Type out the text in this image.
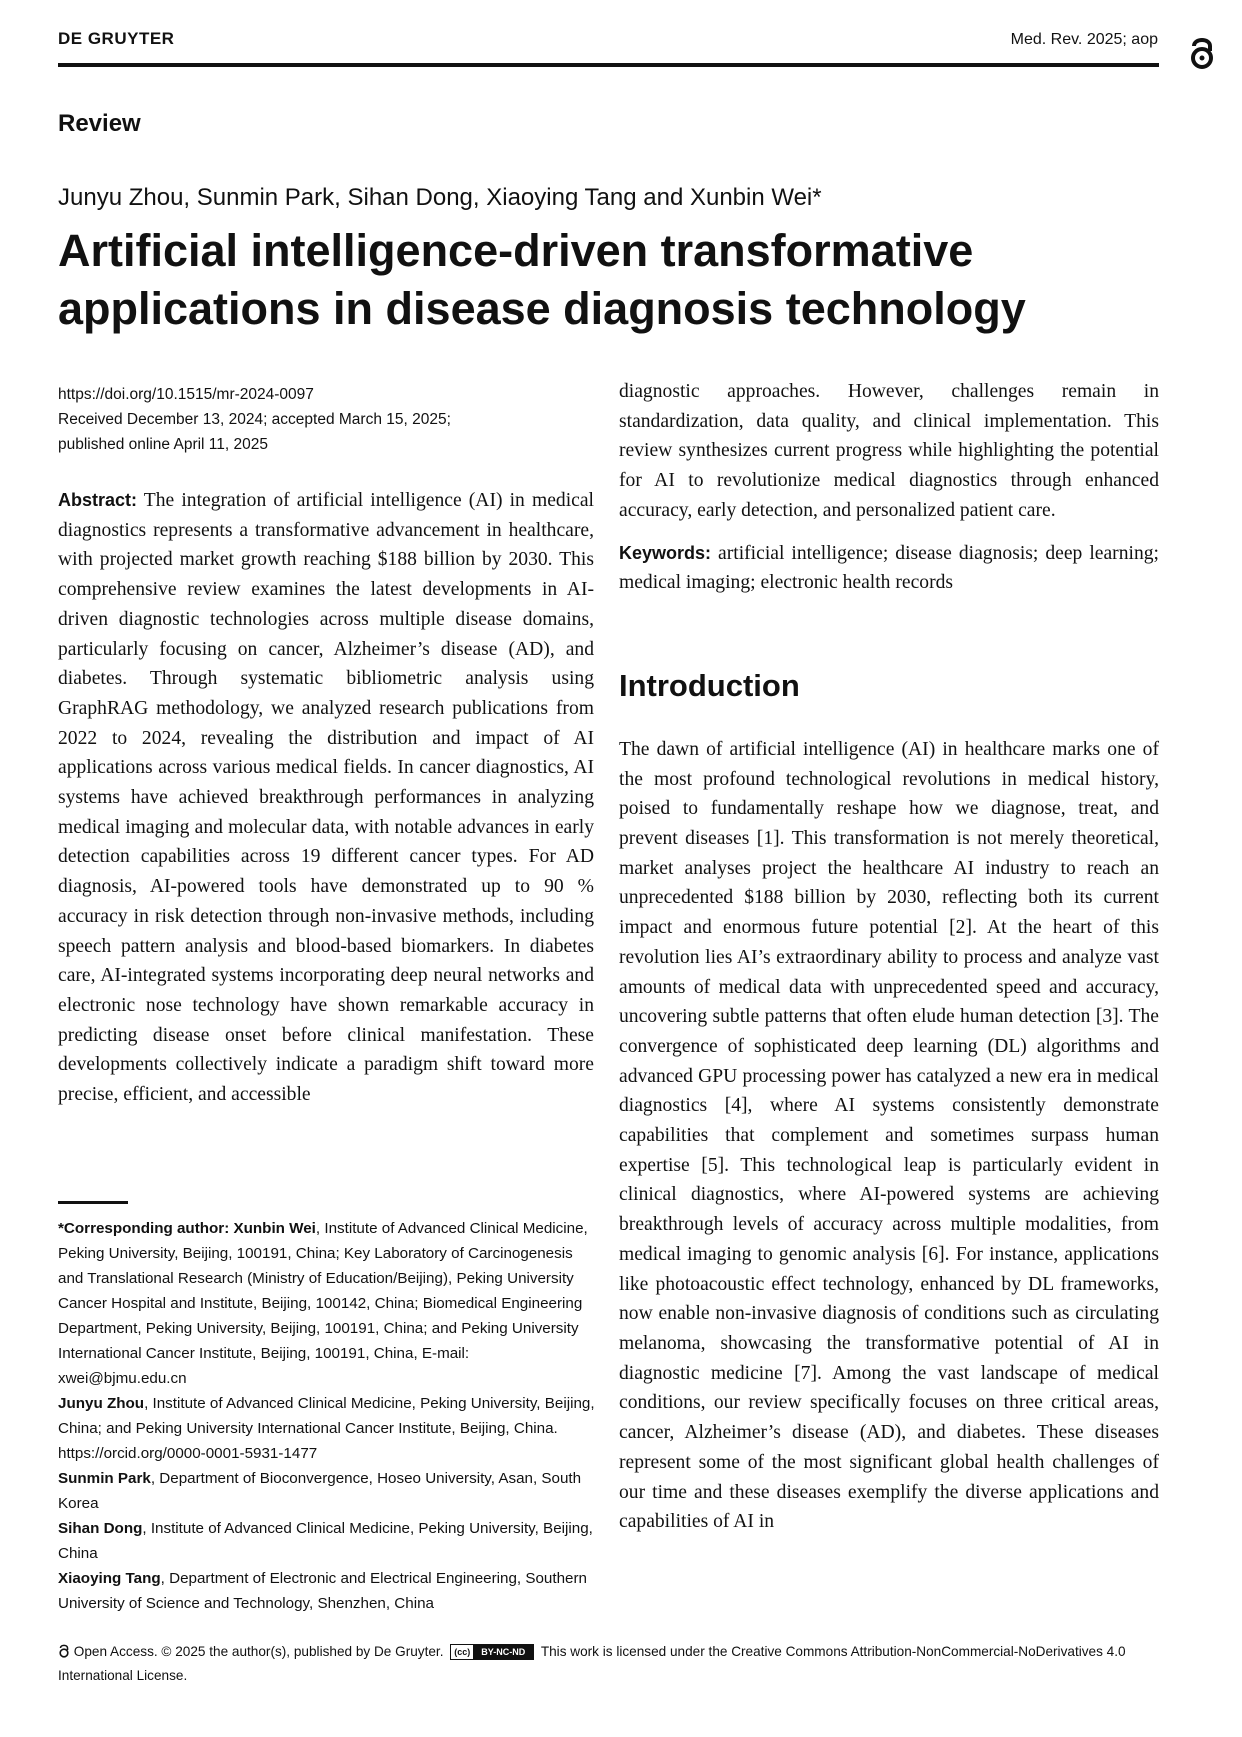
DE GRUYTER	Med. Rev. 2025; aop
Review
Junyu Zhou, Sunmin Park, Sihan Dong, Xiaoying Tang and Xunbin Wei*
Artificial intelligence-driven transformative applications in disease diagnosis technology
https://doi.org/10.1515/mr-2024-0097
Received December 13, 2024; accepted March 15, 2025;
published online April 11, 2025
Abstract: The integration of artificial intelligence (AI) in medical diagnostics represents a transformative advancement in healthcare, with projected market growth reaching $188 billion by 2030. This comprehensive review examines the latest developments in AI-driven diagnostic technologies across multiple disease domains, particularly focusing on cancer, Alzheimer’s disease (AD), and diabetes. Through systematic bibliometric analysis using GraphRAG methodology, we analyzed research publications from 2022 to 2024, revealing the distribution and impact of AI applications across various medical fields. In cancer diagnostics, AI systems have achieved breakthrough performances in analyzing medical imaging and molecular data, with notable advances in early detection capabilities across 19 different cancer types. For AD diagnosis, AI-powered tools have demonstrated up to 90 % accuracy in risk detection through non-invasive methods, including speech pattern analysis and blood-based biomarkers. In diabetes care, AI-integrated systems incorporating deep neural networks and electronic nose technology have shown remarkable accuracy in predicting disease onset before clinical manifestation. These developments collectively indicate a paradigm shift toward more precise, efficient, and accessible

*Corresponding author: Xunbin Wei, Institute of Advanced Clinical Medicine, Peking University, Beijing, 100191, China; Key Laboratory of Carcinogenesis and Translational Research (Ministry of Education/Beijing), Peking University Cancer Hospital and Institute, Beijing, 100142, China; Biomedical Engineering Department, Peking University, Beijing, 100191, China; and Peking University International Cancer Institute, Beijing, 100191, China, E-mail: xwei@bjmu.edu.cn

Junyu Zhou, Institute of Advanced Clinical Medicine, Peking University, Beijing, China; and Peking University International Cancer Institute, Beijing, China. https://orcid.org/0000-0001-5931-1477

Sunmin Park, Department of Bioconvergence, Hoseo University, Asan, South Korea

Sihan Dong, Institute of Advanced Clinical Medicine, Peking University, Beijing, China

Xiaoying Tang, Department of Electronic and Electrical Engineering, Southern University of Science and Technology, Shenzhen, China

diagnostic approaches. However, challenges remain in standardization, data quality, and clinical implementation. This review synthesizes current progress while highlighting the potential for AI to revolutionize medical diagnostics through enhanced accuracy, early detection, and personalized patient care.

Keywords: artificial intelligence; disease diagnosis; deep learning; medical imaging; electronic health records

Introduction

The dawn of artificial intelligence (AI) in healthcare marks one of the most profound technological revolutions in medical history, poised to fundamentally reshape how we diagnose, treat, and prevent diseases [1]. This transformation is not merely theoretical, market analyses project the healthcare AI industry to reach an unprecedented $188 billion by 2030, reflecting both its current impact and enormous future potential [2]. At the heart of this revolution lies AI’s extraordinary ability to process and analyze vast amounts of medical data with unprecedented speed and accuracy, uncovering subtle patterns that often elude human detection [3]. The convergence of sophisticated deep learning (DL) algorithms and advanced GPU processing power has catalyzed a new era in medical diagnostics [4], where AI systems consistently demonstrate capabilities that complement and sometimes surpass human expertise [5]. This technological leap is particularly evident in clinical diagnostics, where AI-powered systems are achieving breakthrough levels of accuracy across multiple modalities, from medical imaging to genomic analysis [6]. For instance, applications like photoacoustic effect technology, enhanced by DL frameworks, now enable non-invasive diagnosis of conditions such as circulating melanoma, showcasing the transformative potential of AI in diagnostic medicine [7]. Among the vast landscape of medical conditions, our review specifically focuses on three critical areas, cancer, Alzheimer’s disease (AD), and diabetes. These diseases represent some of the most significant global health challenges of our time and these diseases exemplify the diverse applications and capabilities of AI in

Open Access. © 2025 the author(s), published by De Gruyter. (cc) BY-NC-ND This work is licensed under the Creative Commons Attribution-NonCommercial-NoDerivatives 4.0 International License.
